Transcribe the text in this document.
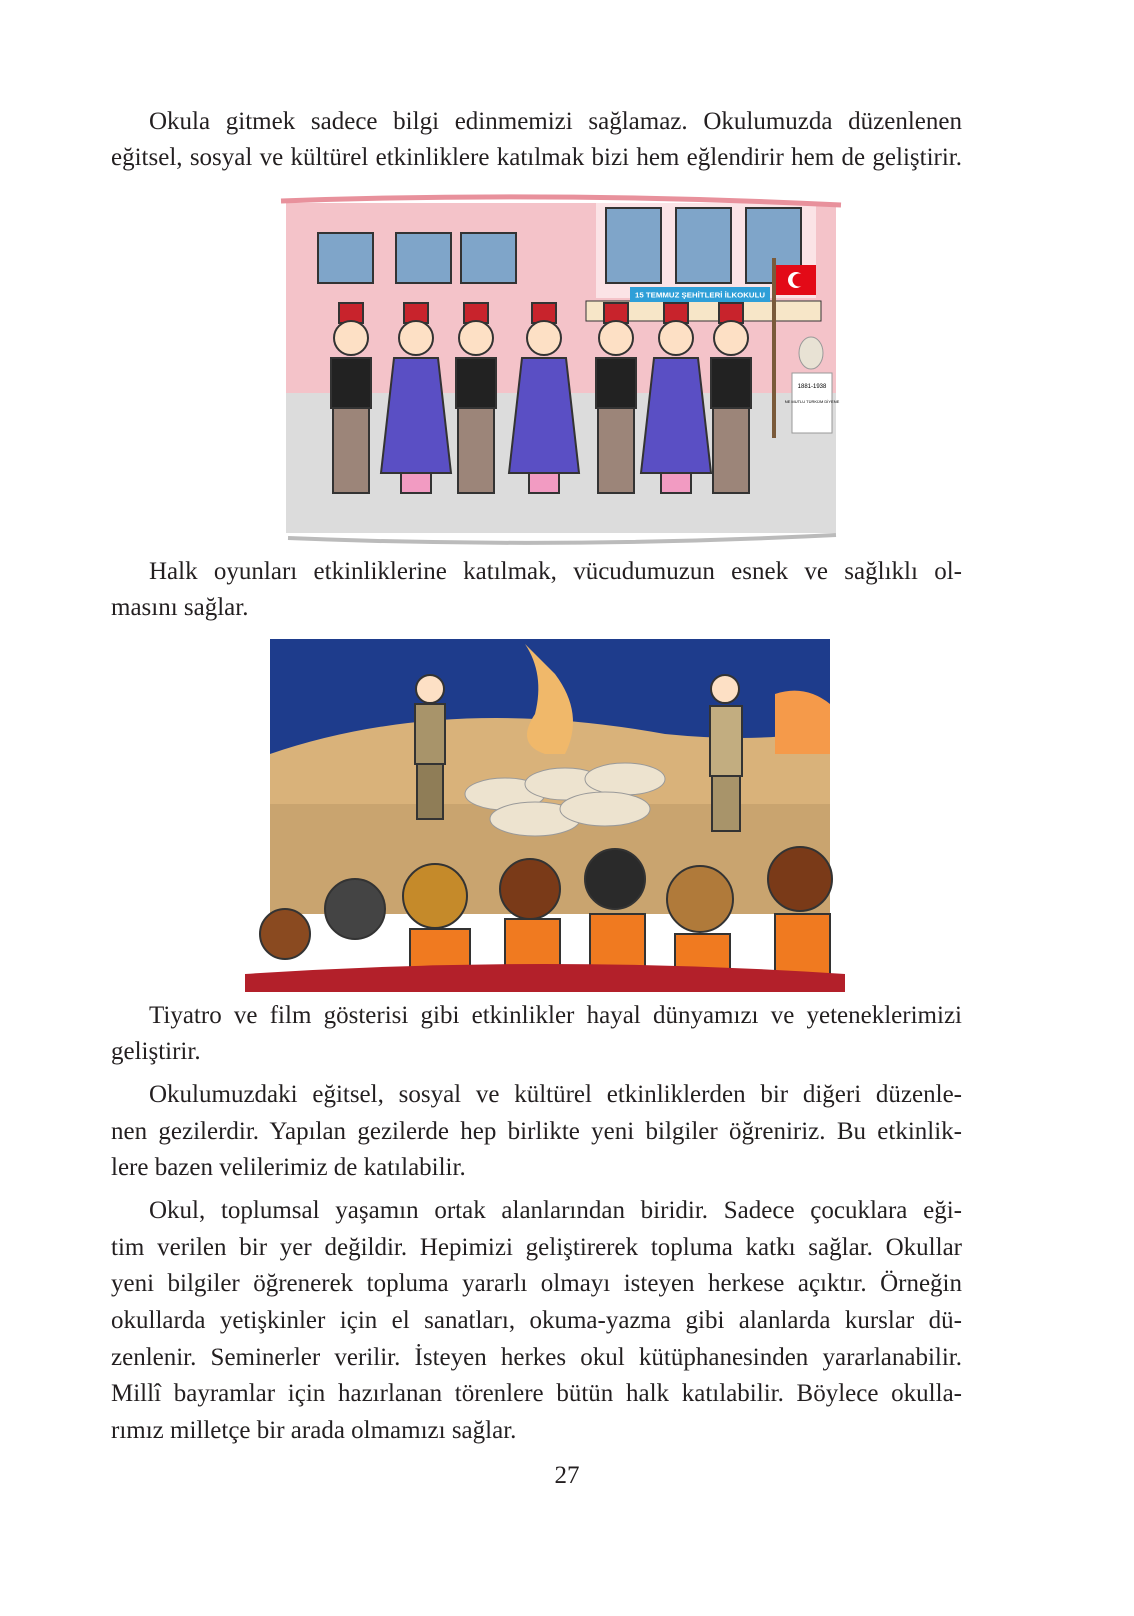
Okula gitmek sadece bilgi edinmemizi sağlamaz. Okulumuzda düzenlenen
eğitsel, sosyal ve kültürel etkinliklere katılmak bizi hem eğlendirir hem de geliştirir.
1881-1938
NE MUTLU TÜRKÜM DİYENE
15 TEMMUZ ŞEHİTLERİ İLKOKULU
Halk oyunları etkinliklerine katılmak, vücudumuzun esnek ve sağlıklı ol-
masını sağlar.
Tiyatro ve film gösterisi gibi etkinlikler hayal dünyamızı ve yeteneklerimizi
geliştirir.
Okulumuzdaki eğitsel, sosyal ve kültürel etkinliklerden bir diğeri düzenle-
nen gezilerdir. Yapılan gezilerde hep birlikte yeni bilgiler öğreniriz. Bu etkinlik-
lere bazen velilerimiz de katılabilir.
Okul, toplumsal yaşamın ortak alanlarından biridir. Sadece çocuklara eği-
tim verilen bir yer değildir. Hepimizi geliştirerek topluma katkı sağlar. Okullar
yeni bilgiler öğrenerek topluma yararlı olmayı isteyen herkese açıktır. Örneğin
okullarda yetişkinler için el sanatları, okuma-yazma gibi alanlarda kurslar dü-
zenlenir. Seminerler verilir. İsteyen herkes okul kütüphanesinden yararlanabilir.
Millî bayramlar için hazırlanan törenlere bütün halk katılabilir. Böylece okulla-
rımız milletçe bir arada olmamızı sağlar.
27
